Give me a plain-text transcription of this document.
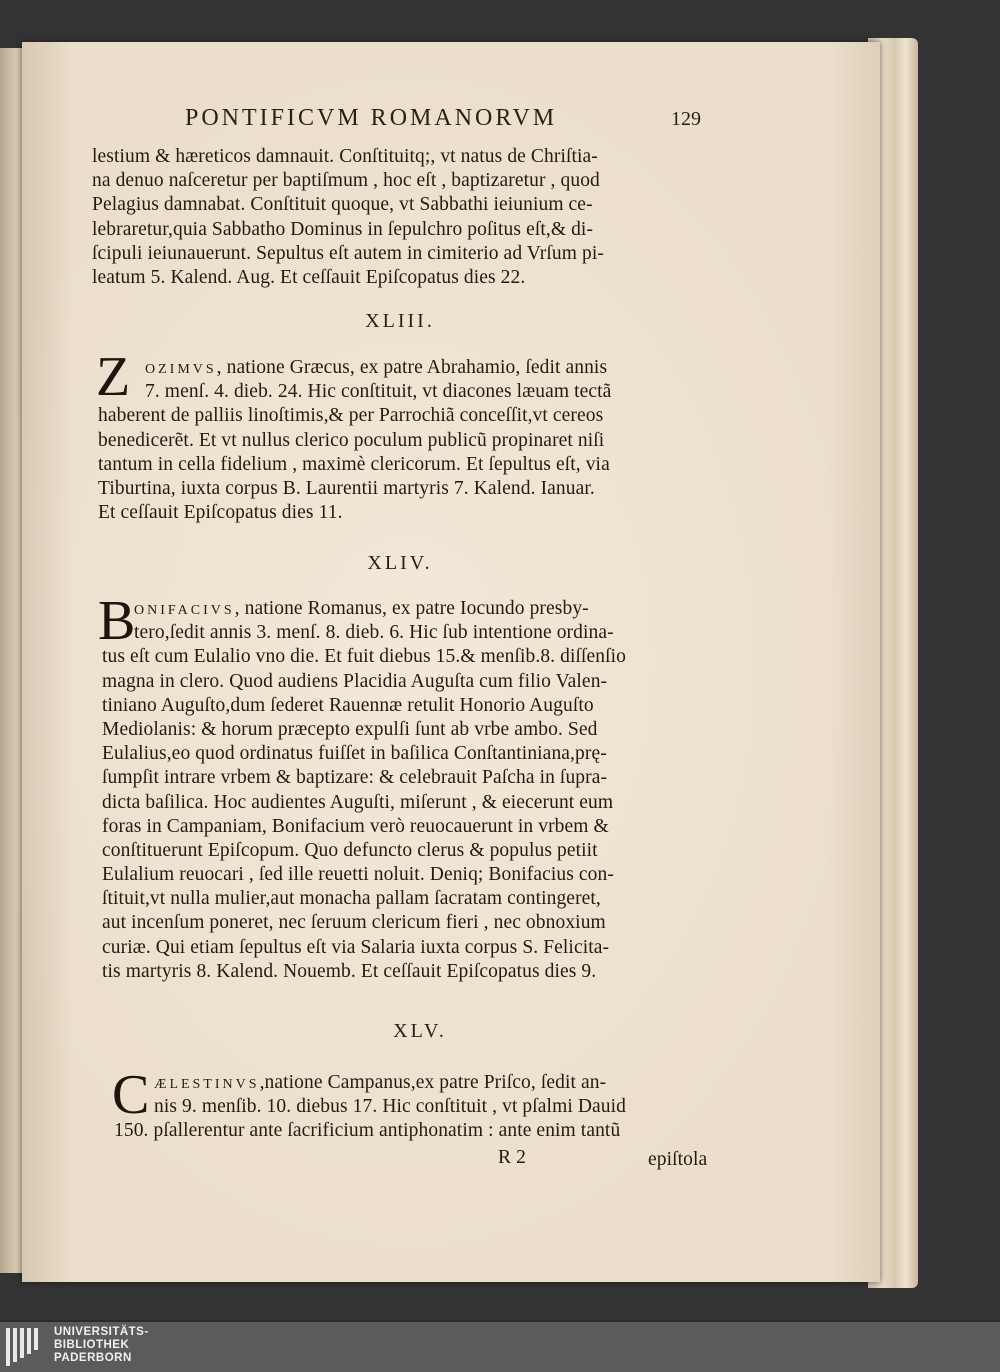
PONTIFICVM ROMANORVM	129
lestium & hæreticos damnauit. Conſtituitq;, vt natus de Chriſtia-
na denuo naſceretur per baptiſmum , hoc eſt , baptizaretur , quod
Pelagius damnabat. Conſtituit quoque, vt Sabbathi ieiunium ce-
lebraretur,quia Sabbatho Dominus in ſepulchro poſitus eſt,& di-
ſcipuli ieiunauerunt. Sepultus eſt autem in cimiterio ad Vrſum pi-
leatum 5. Kalend. Aug. Et ceſſauit Epiſcopatus dies 22.
XLIII.
Z	OZIMVS, natione Græcus, ex patre Abrahamio, ſedit annis
7. menſ. 4. dieb. 24. Hic conſtituit, vt diacones læuam tectã
haberent de palliis linoſtimis,& per Parrochiã conceſſit,vt cereos
benedicerẽt. Et vt nullus clerico poculum publicũ propinaret niſi
tantum in cella fidelium , maximè clericorum. Et ſepultus eſt, via
Tiburtina, iuxta corpus B. Laurentii martyris 7. Kalend. Ianuar.
Et ceſſauit Epiſcopatus dies 11.
XLIV.
B
ONIFACIVS, natione Romanus, ex patre Iocundo presby-
tero,ſedit annis 3. menſ. 8. dieb. 6. Hic ſub intentione ordina-
tus eſt cum Eulalio vno die. Et fuit diebus 15.& menſib.8. diſſenſio
magna in clero. Quod audiens Placidia Auguſta cum filio Valen-
tiniano Auguſto,dum ſederet Rauennæ retulit Honorio Auguſto
Mediolanis: & horum præcepto expulſi ſunt ab vrbe ambo. Sed
Eulalius,eo quod ordinatus fuiſſet in baſilica Conſtantiniana,prę-
ſumpſit intrare vrbem & baptizare: & celebrauit Paſcha in ſupra-
dicta baſilica. Hoc audientes Auguſti, miſerunt , & eiecerunt eum
foras in Campaniam, Bonifacium verò reuocauerunt in vrbem &
conſtituerunt Epiſcopum. Quo defuncto clerus & populus petiit
Eulalium reuocari , ſed ille reuetti noluit. Deniq; Bonifacius con-
ſtituit,vt nulla mulier,aut monacha pallam ſacratam contingeret,
aut incenſum poneret, nec ſeruum clericum fieri , nec obnoxium
curiæ. Qui etiam ſepultus eſt via Salaria iuxta corpus S. Felicita-
tis martyris 8. Kalend. Nouemb. Et ceſſauit Epiſcopatus dies 9.
XLV.
C ÆLESTINVS,natione Campanus,ex patre Priſco, ſedit an-
nis 9. menſib. 10. diebus 17. Hic conſtituit , vt pſalmi Dauid
150. pſallerentur ante ſacrificium antiphonatim : ante enim tantũ
R 2	epiſtola
UNIVERSITÄTS-
BIBLIOTHEK
PADERBORN
